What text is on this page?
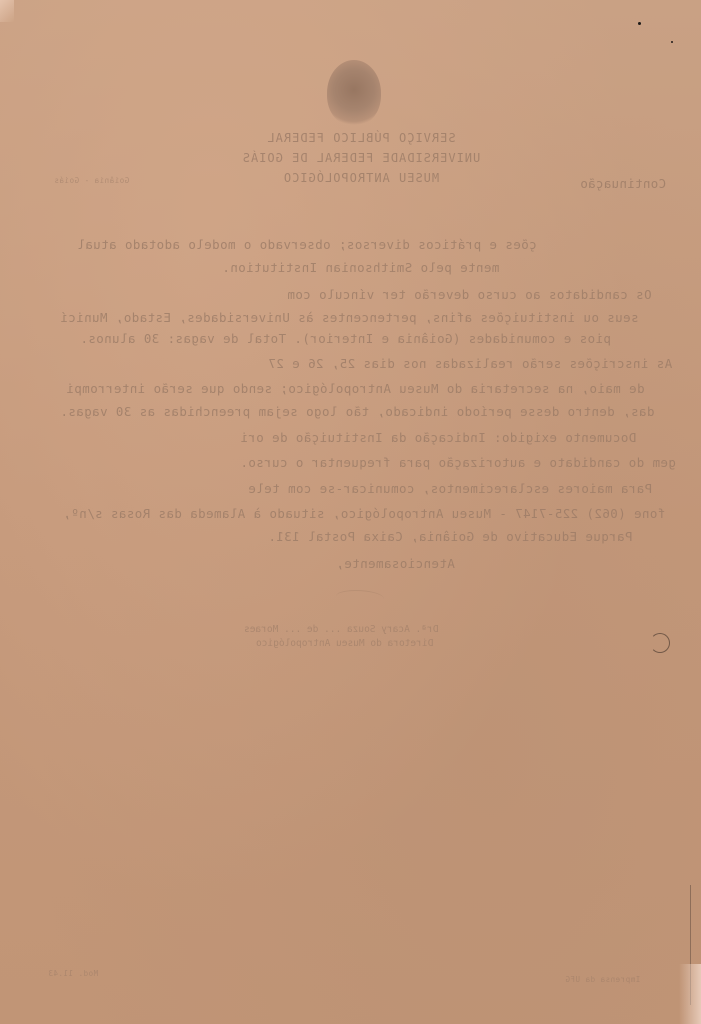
SERVIÇO PÚBLICO FEDERAL
UNIVERSIDADE FEDERAL DE GOIÁS
MUSEU ANTROPOLÓGICO
Goiânia - Goiás	Continuação
ções e práticos diversos; observado o modelo adotado atual
mente pelo Smithsonian Institution.
Os candidatos ao curso deverão ter vínculo com
seus ou instituições afins, pertencentes às Universidades, Estado, Municí
pios e comunidades (Goiânia e Interior). Total de vagas: 30 alunos.
As inscrições serão realizadas nos dias 25, 26 e 27
de maio, na secretaria do Museu Antropológico; sendo que serão interrompi
das, dentro desse período indicado, tão logo sejam preenchidas as 30 vagas.
Documento exigido: Indicação da Instituição de ori
gem do candidato e autorização para frequentar o curso.
Para maiores esclarecimentos, comunicar-se com tele
fone (062) 225-7147 - Museu Antropológico, situado à Alameda das Rosas s/nº,
Parque Educativo de Goiânia, Caixa Postal 131.
Atenciosamente,
Drª. Acary Souza ... de ... Moraes
Diretora do Museu Antropológico
Mod. 11.43
Imprensa da UFG
